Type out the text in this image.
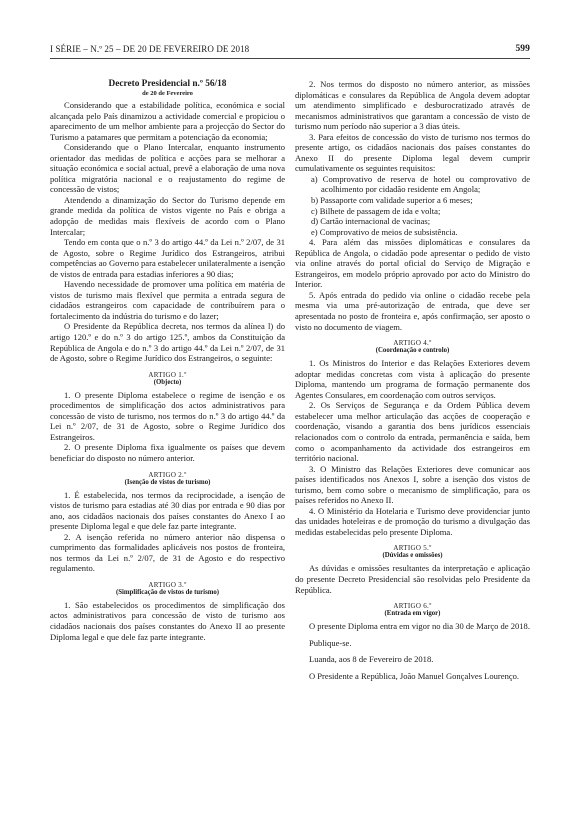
I SÉRIE – N.º 25 – DE 20 DE FEVEREIRO DE 2018	599
Decreto Presidencial n.º 56/18
de 20 de Fevereiro

Considerando que a estabilidade política, económica e social alcançada pelo País dinamizou a actividade comercial e propiciou o aparecimento de um melhor ambiente para a projecção do Sector do Turismo a patamares que permitam a potenciação da economia;

Considerando que o Plano Intercalar, enquanto instrumento orientador das medidas de política e acções para se melhorar a situação económica e social actual, prevê a elaboração de uma nova política migratória nacional e o reajustamento do regime de concessão de vistos;

Atendendo a dinamização do Sector do Turismo depende em grande medida da política de vistos vigente no País e obriga a adopção de medidas mais flexíveis de acordo com o Plano Intercalar;

Tendo em conta que o n.º 3 do artigo 44.º da Lei n.º 2/07, de 31 de Agosto, sobre o Regime Jurídico dos Estrangeiros, atribui competências ao Governo para estabelecer unilateralmente a isenção de vistos de entrada para estadias inferiores a 90 dias;

Havendo necessidade de promover uma política em matéria de vistos de turismo mais flexível que permita a entrada segura de cidadãos estrangeiros com capacidade de contribuírem para o fortalecimento da indústria do turismo e do lazer;

O Presidente da República decreta, nos termos da alínea l) do artigo 120.º e do n.º 3 do artigo 125.º, ambos da Constituição da República de Angola e do n.º 3 do artigo 44.º da Lei n.º 2/07, de 31 de Agosto, sobre o Regime Jurídico dos Estrangeiros, o seguinte:

ARTIGO 1.º
(Objecto)

1. O presente Diploma estabelece o regime de isenção e os procedimentos de simplificação dos actos administrativos para concessão de visto de turismo, nos termos do n.º 3 do artigo 44.º da Lei n.º 2/07, de 31 de Agosto, sobre o Regime Jurídico dos Estrangeiros.

2. O presente Diploma fixa igualmente os países que devem beneficiar do disposto no número anterior.

ARTIGO 2.º
(Isenção de vistos de turismo)

1. É estabelecida, nos termos da reciprocidade, a isenção de vistos de turismo para estadias até 30 dias por entrada e 90 dias por ano, aos cidadãos nacionais dos países constantes do Anexo I ao presente Diploma legal e que dele faz parte integrante.

2. A isenção referida no número anterior não dispensa o cumprimento das formalidades aplicáveis nos postos de fronteira, nos termos da Lei n.º 2/07, de 31 de Agosto e do respectivo regulamento.

ARTIGO 3.º
(Simplificação de vistos de turismo)

1. São estabelecidos os procedimentos de simplificação dos actos administrativos para concessão de visto de turismo aos cidadãos nacionais dos países constantes do Anexo II ao presente Diploma legal e que dele faz parte integrante.

2. Nos termos do disposto no número anterior, as missões diplomáticas e consulares da República de Angola devem adoptar um atendimento simplificado e desburocratizado através de mecanismos administrativos que garantam a concessão de visto de turismo num período não superior a 3 dias úteis.

3. Para efeitos de concessão do visto de turismo nos termos do presente artigo, os cidadãos nacionais dos países constantes do Anexo II do presente Diploma legal devem cumprir cumulativamente os seguintes requisitos:

a) Comprovativo de reserva de hotel ou comprovativo de acolhimento por cidadão residente em Angola;

b) Passaporte com validade superior a 6 meses;

c) Bilhete de passagem de ida e volta;

d) Cartão internacional de vacinas;

e) Comprovativo de meios de subsistência.

4. Para além das missões diplomáticas e consulares da República de Angola, o cidadão pode apresentar o pedido de visto via online através do portal oficial do Serviço de Migração e Estrangeiros, em modelo próprio aprovado por acto do Ministro do Interior.

5. Após entrada do pedido via online o cidadão recebe pela mesma via uma pré-autorização de entrada, que deve ser apresentada no posto de fronteira e, após confirmação, ser aposto o visto no documento de viagem.

ARTIGO 4.º
(Coordenação e controlo)

1. Os Ministros do Interior e das Relações Exteriores devem adoptar medidas concretas com vista à aplicação do presente Diploma, mantendo um programa de formação permanente dos Agentes Consulares, em coordenação com outros serviços.

2. Os Serviços de Segurança e da Ordem Pública devem estabelecer uma melhor articulação das acções de cooperação e coordenação, visando a garantia dos bens jurídicos essenciais relacionados com o controlo da entrada, permanência e saída, bem como o acompanhamento da actividade dos estrangeiros em território nacional.

3. O Ministro das Relações Exteriores deve comunicar aos países identificados nos Anexos I, sobre a isenção dos vistos de turismo, bem como sobre o mecanismo de simplificação, para os países referidos no Anexo II.

4. O Ministério da Hotelaria e Turismo deve providenciar junto das unidades hoteleiras e de promoção do turismo a divulgação das medidas estabelecidas pelo presente Diploma.

ARTIGO 5.º
(Dúvidas e omissões)

As dúvidas e omissões resultantes da interpretação e aplicação do presente Decreto Presidencial são resolvidas pelo Presidente da República.

ARTIGO 6.º
(Entrada em vigor)

O presente Diploma entra em vigor no dia 30 de Março de 2018.

Publique-se.

Luanda, aos 8 de Fevereiro de 2018.

O Presidente a República, João Manuel Gonçalves Lourenço.
